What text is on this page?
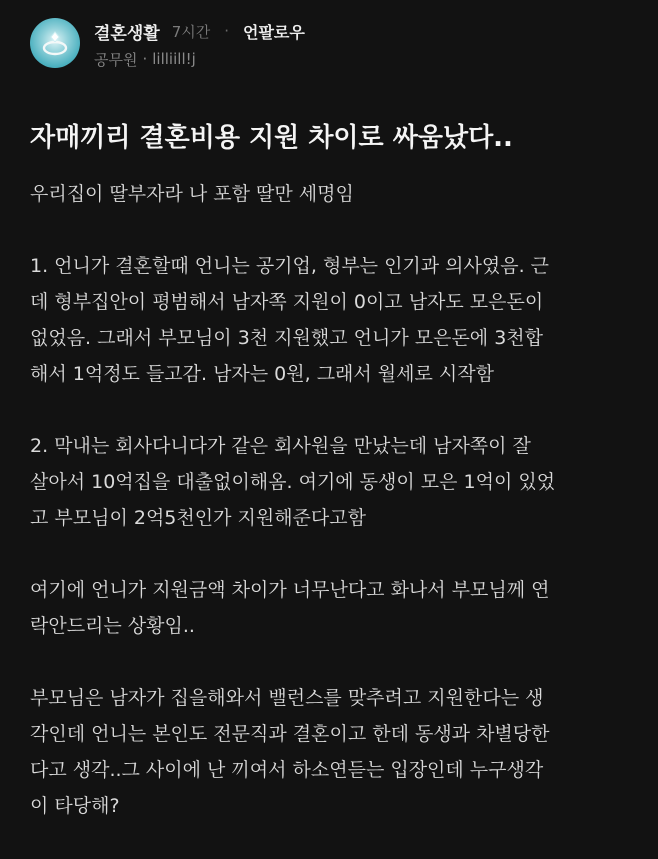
결혼생활 7시간 · 언팔로우
공무원 · lilliill!j
자매끼리 결혼비용 지원 차이로 싸움났다..

우리집이 딸부자라 나 포함 딸만 세명임

1. 언니가 결혼할때 언니는 공기업, 형부는 인기과 의사였음. 근
데 형부집안이 평범해서 남자쪽 지원이 0이고 남자도 모은돈이
없었음. 그래서 부모님이 3천 지원했고 언니가 모은돈에 3천합
해서 1억정도 들고감. 남자는 0원, 그래서 월세로 시작함

2. 막내는 회사다니다가 같은 회사원을 만났는데 남자쪽이 잘
살아서 10억집을 대출없이해옴. 여기에 동생이 모은 1억이 있었
고 부모님이 2억5천인가 지원해준다고함

여기에 언니가 지원금액 차이가 너무난다고 화나서 부모님께 연
락안드리는 상황임..

부모님은 남자가 집을해와서 밸런스를 맞추려고 지원한다는 생
각인데 언니는 본인도 전문직과 결혼이고 한데 동생과 차별당한
다고 생각..그 사이에 난 끼여서 하소연듣는 입장인데 누구생각
이 타당해?
